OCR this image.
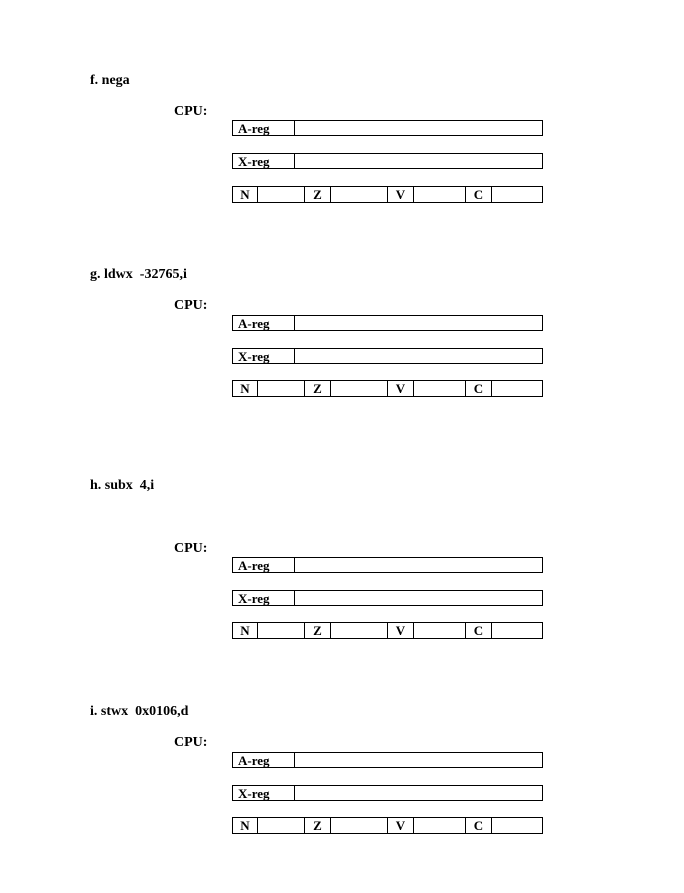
f. nega
CPU:
A-reg
X-reg
N	Z	V	C
g. ldwx  -32765,i
CPU:
A-reg
X-reg
N	Z	V	C
h. subx  4,i
CPU:
A-reg
X-reg
N	Z	V	C
i. stwx  0x0106,d
CPU:
A-reg
X-reg
N	Z	V	C
